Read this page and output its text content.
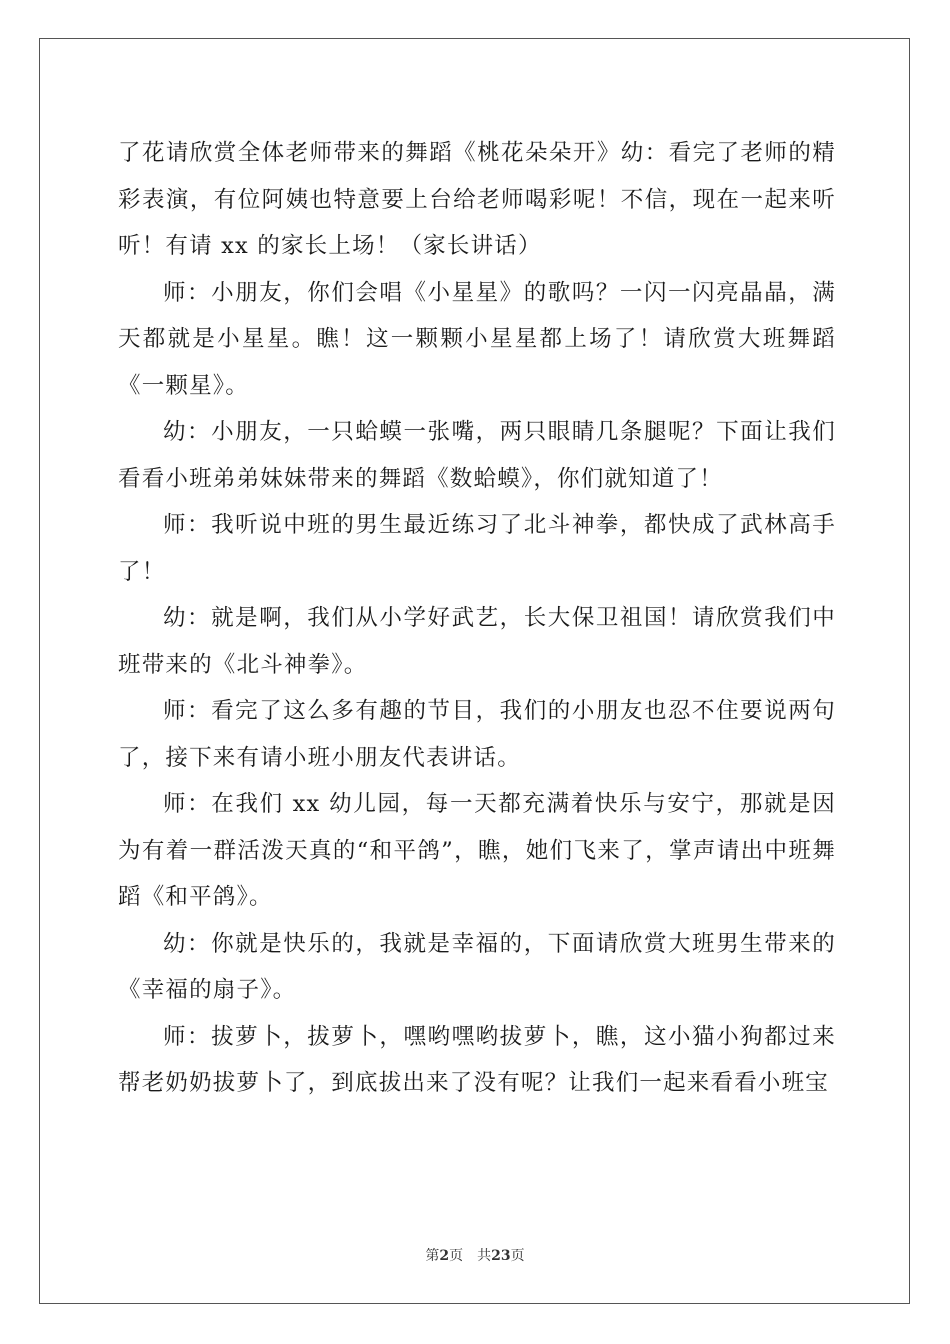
了花请欣赏全体老师带来的舞蹈《桃花朵朵开》幼：看完了老师的精彩表演，有位阿姨也特意要上台给老师喝彩呢！不信，现在一起来听听！有请 xx 的家长上场！（家长讲话）

师：小朋友，你们会唱《小星星》的歌吗？一闪一闪亮晶晶，满天都就是小星星。瞧！这一颗颗小星星都上场了！请欣赏大班舞蹈《一颗星》。

幼：小朋友，一只蛤蟆一张嘴，两只眼睛几条腿呢？下面让我们看看小班弟弟妹妹带来的舞蹈《数蛤蟆》，你们就知道了！

师：我听说中班的男生最近练习了北斗神拳，都快成了武林高手了！

幼：就是啊，我们从小学好武艺，长大保卫祖国！请欣赏我们中班带来的《北斗神拳》。

师：看完了这么多有趣的节目，我们的小朋友也忍不住要说两句了，接下来有请小班小朋友代表讲话。

师：在我们 xx 幼儿园，每一天都充满着快乐与安宁，那就是因为有着一群活泼天真的“和平鸽”，瞧，她们飞来了，掌声请出中班舞蹈《和平鸽》。

幼：你就是快乐的，我就是幸福的，下面请欣赏大班男生带来的《幸福的扇子》。

师：拔萝卜，拔萝卜，嘿哟嘿哟拔萝卜，瞧，这小猫小狗都过来帮老奶奶拔萝卜了，到底拔出来了没有呢？让我们一起来看看小班宝

第2页 共23页
